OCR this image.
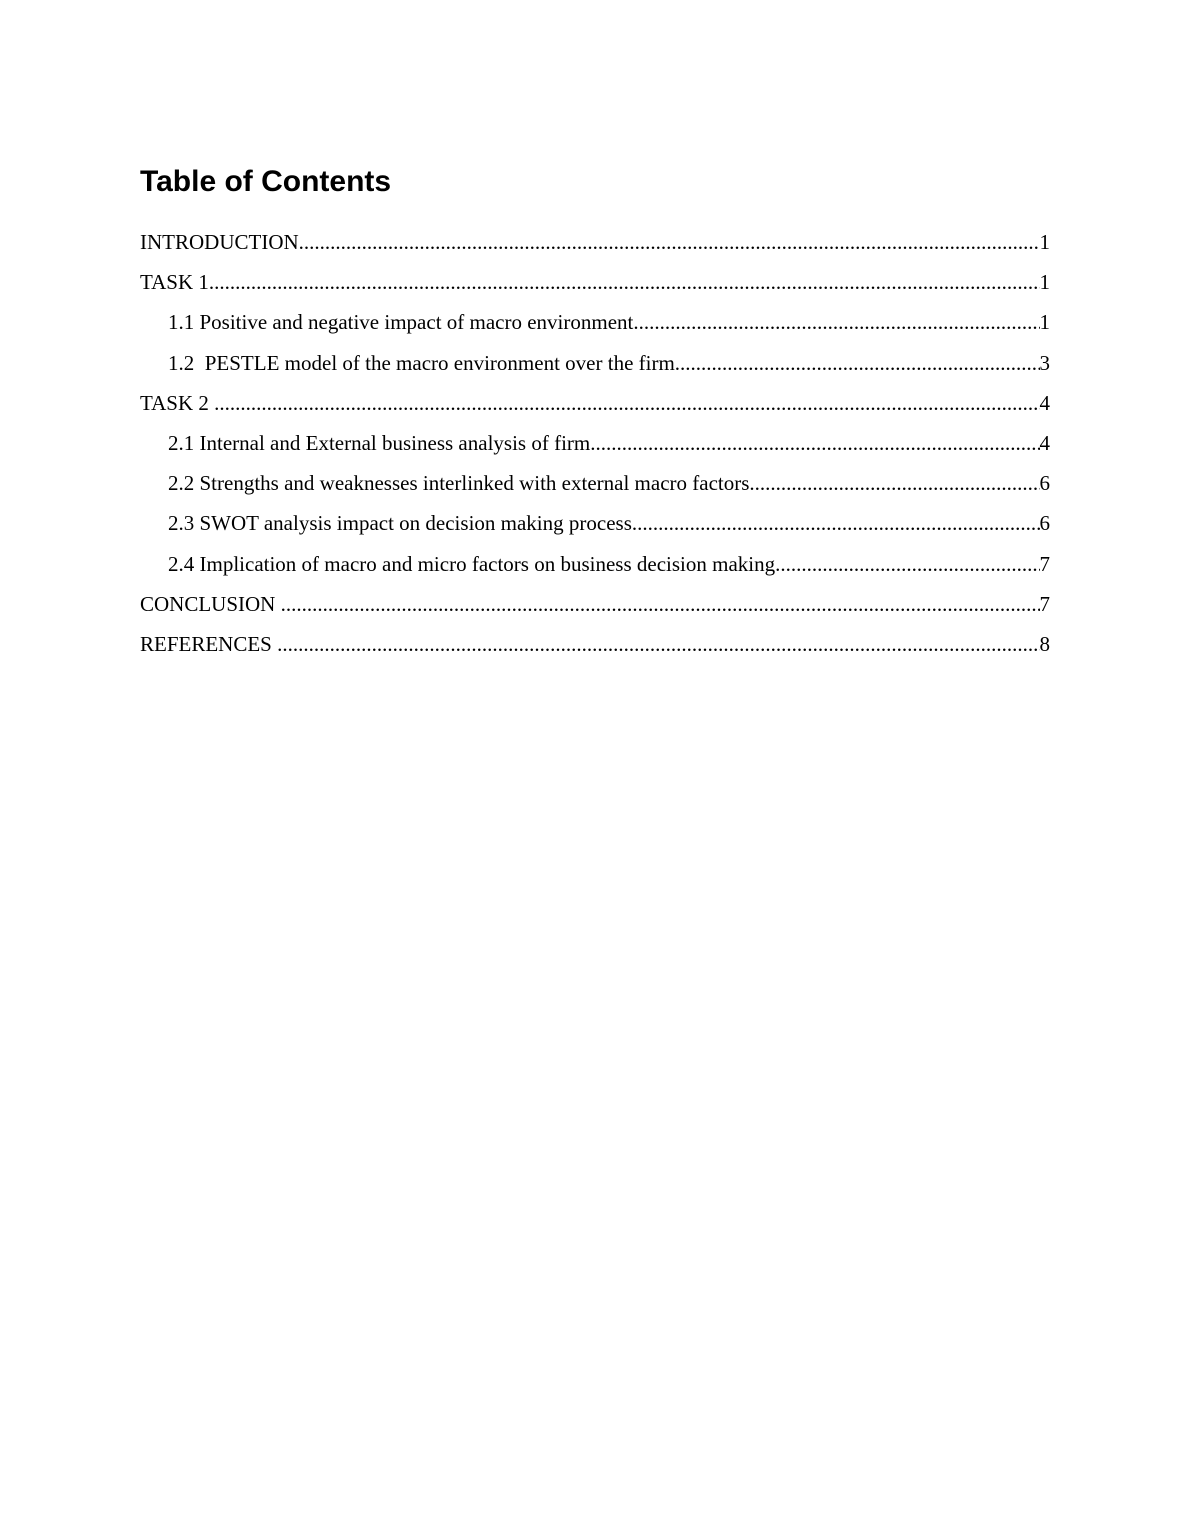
Table of Contents
INTRODUCTION .....	1
TASK 1 .....	1
1.1 Positive and negative impact of macro environment .....	1
1.2  PESTLE model of the macro environment over the firm .....	3
TASK 2 .....	4
2.1 Internal and External business analysis of firm .....	4
2.2 Strengths and weaknesses interlinked with external macro factors .....	6
2.3 SWOT analysis impact on decision making process .....	6
2.4 Implication of macro and micro factors on business decision making .....	7
CONCLUSION .....	7
REFERENCES .....	8
